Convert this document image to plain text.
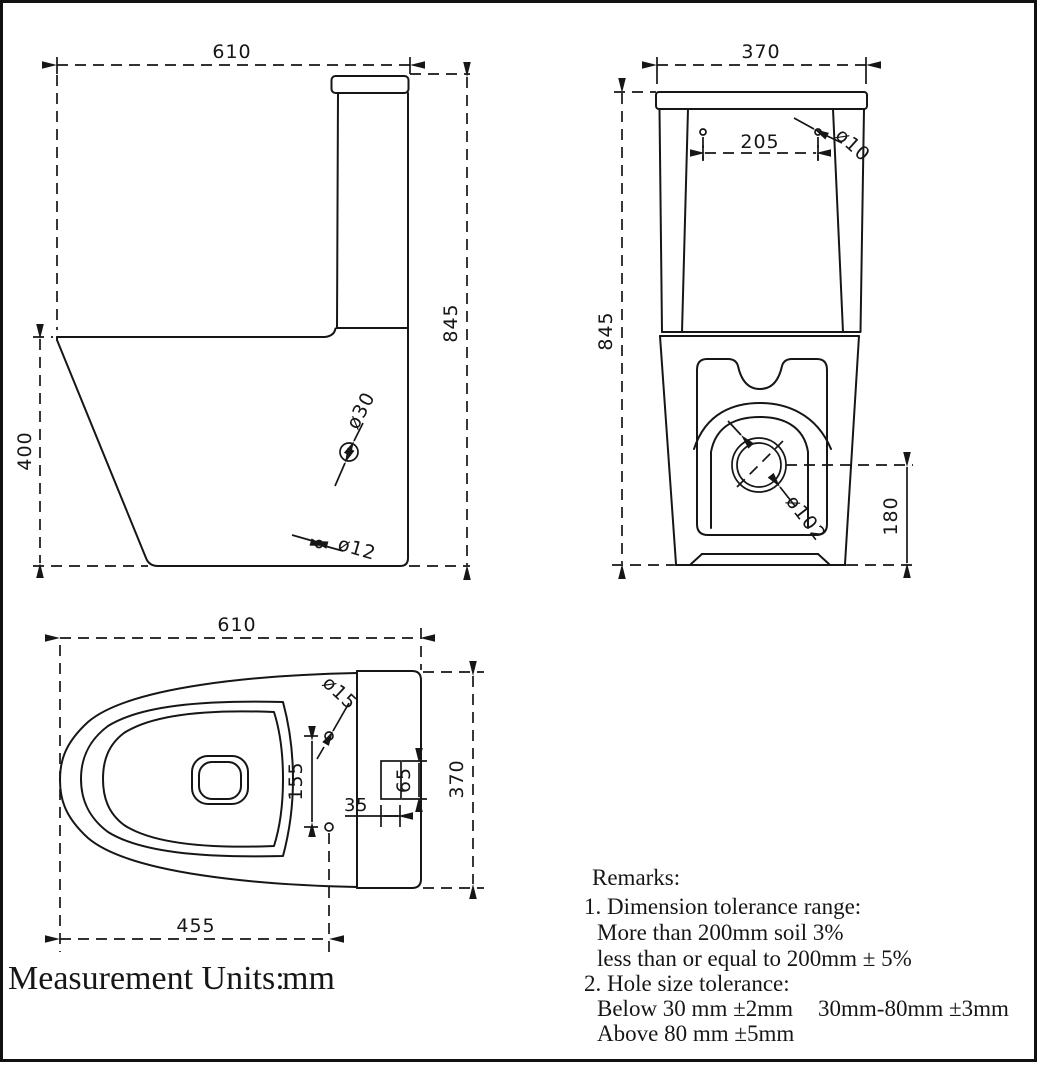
610
845
400
ø30
ø12
370
205	ø10
845
180
ø102
610
155
ø15
35
65 370
455
Measurement Units:
mm
Remarks:
1. Dimension tolerance range:
More than 200mm soil 3%
less than or equal to 200mm ± 5%
2. Hole size tolerance:
Below 30 mm ±2mm 30mm-80mm ±3mm
Above 80 mm ±5mm
